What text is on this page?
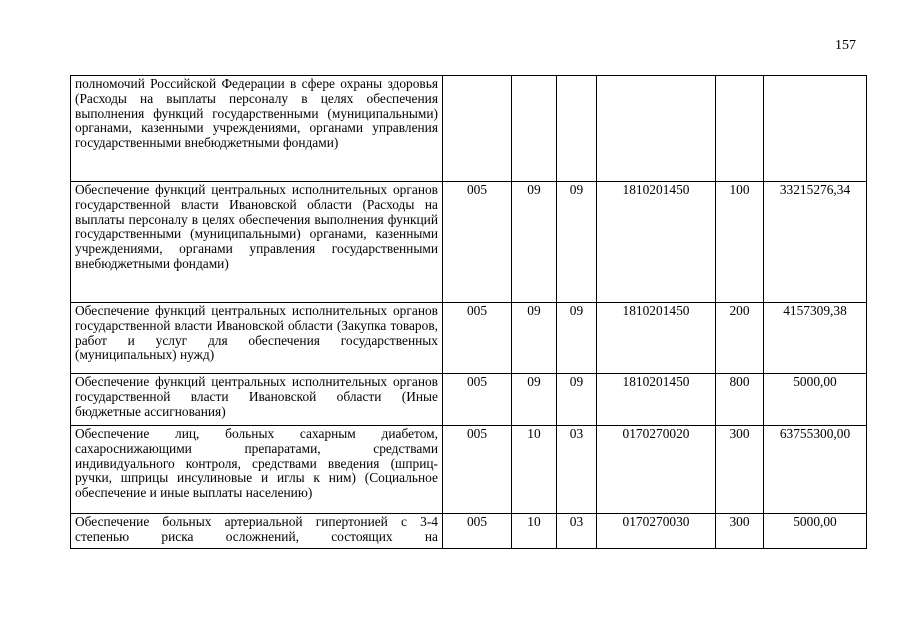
157
полномочий Российской Федерации в сфере охраны здоровья (Расходы на выплаты персоналу в целях обеспечения выполнения функций государственными (муниципальными) органами, казенными учреждениями, органами управления государственными внебюджетными фондами)						

Обеспечение функций центральных исполнительных органов государственной власти Ивановской области (Расходы на выплаты персоналу в целях обеспечения выполнения функций государственными (муниципальными) органами, казенными учреждениями, органами управления государственными внебюджетными фондами)	005	09	09	1810201450	100	33215276,34

Обеспечение функций центральных исполнительных органов государственной власти Ивановской области (Закупка товаров, работ и услуг для обеспечения государственных (муниципальных) нужд)	005	09	09	1810201450	200	4157309,38

Обеспечение функций центральных исполнительных органов государственной власти Ивановской области (Иные бюджетные ассигнования)	005	09	09	1810201450	800	5000,00

Обеспечение лиц, больных сахарным диабетом, сахароснижающими препаратами, средствами индивидуального контроля, средствами введения (шприц-ручки, шприцы инсулиновые и иглы к ним) (Социальное обеспечение и иные выплаты населению)	005	10	03	0170270020	300	63755300,00

Обеспечение больных артериальной гипертонией с 3-4 степенью риска осложнений, состоящих на	005	10	03	0170270030	300	5000,00
